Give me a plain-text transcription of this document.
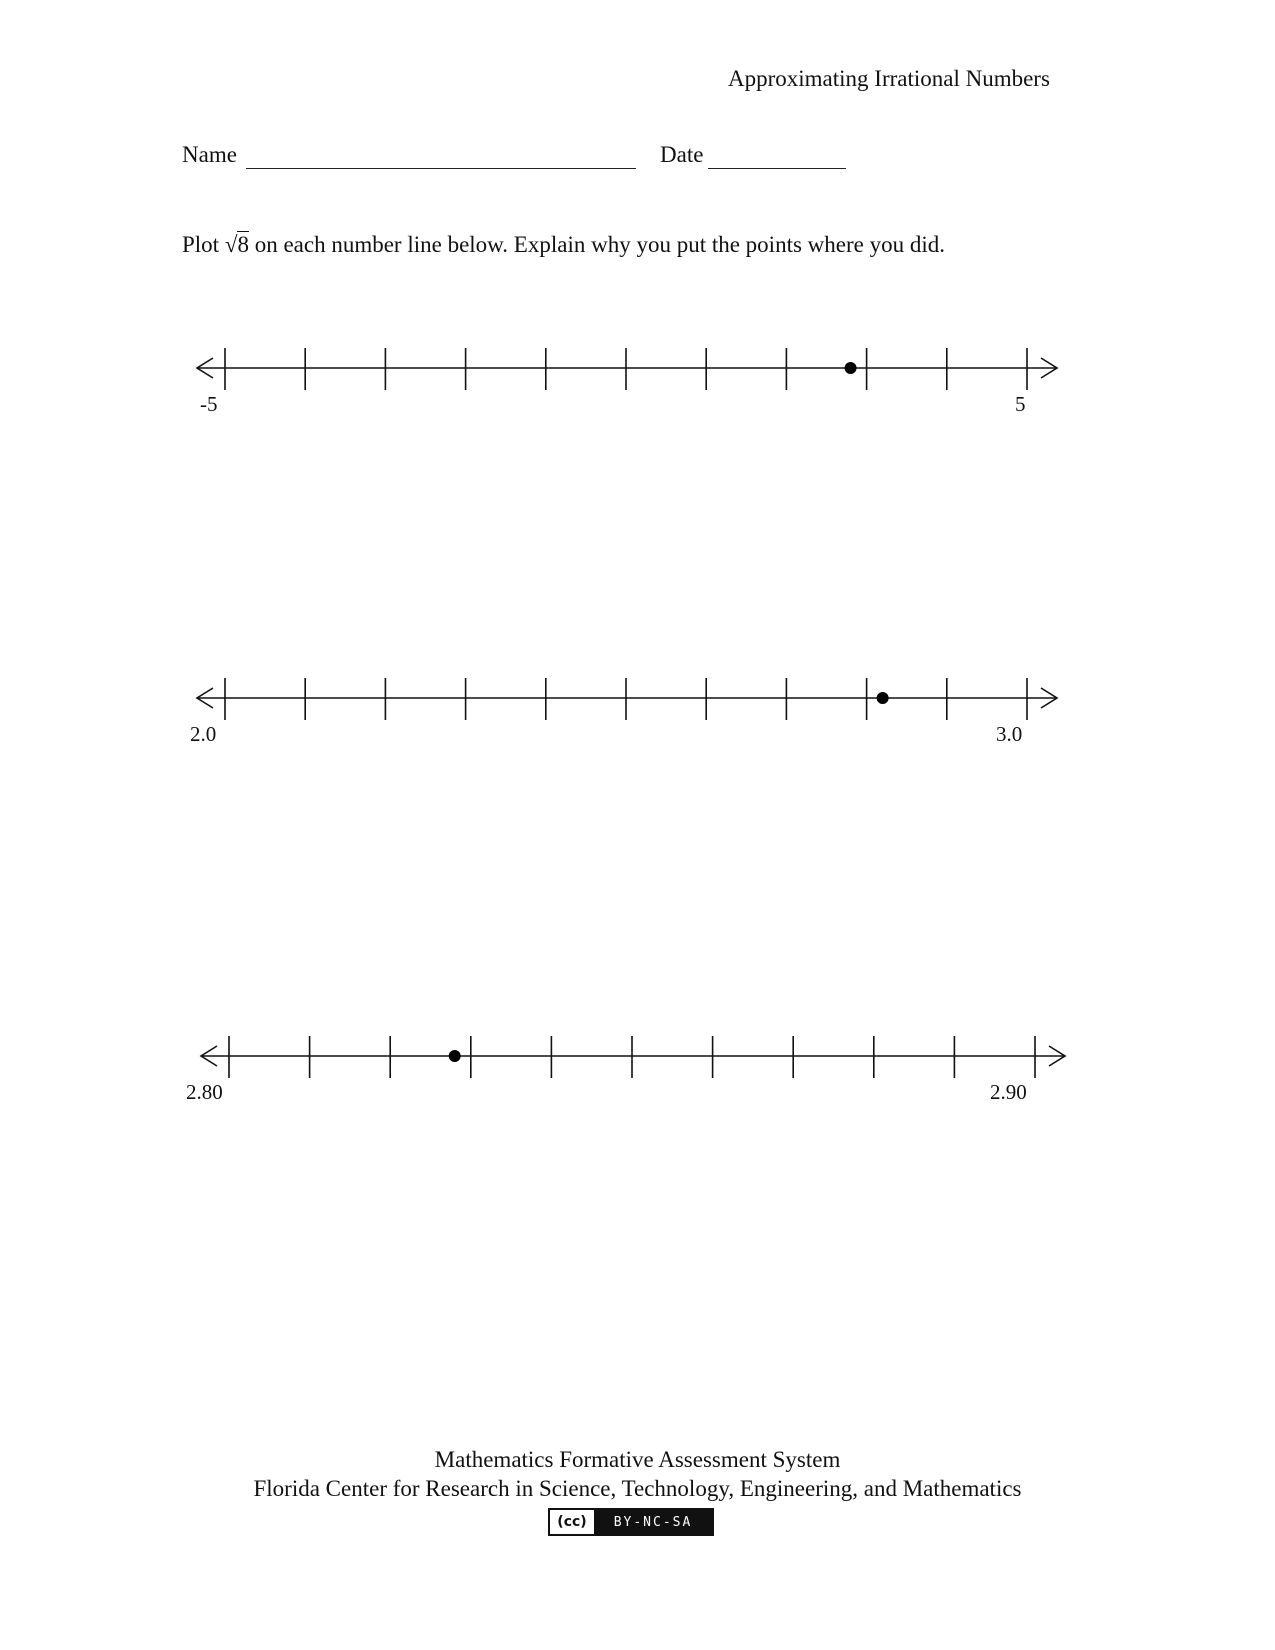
Approximating Irrational Numbers
Name	Date
Plot √8 on each number line below. Explain why you put the points where you did.
-5	5
2.0	3.0
2.80	2.90
Mathematics Formative Assessment System
Florida Center for Research in Science, Technology, Engineering, and Mathematics
(cc)	BY-NC-SA
